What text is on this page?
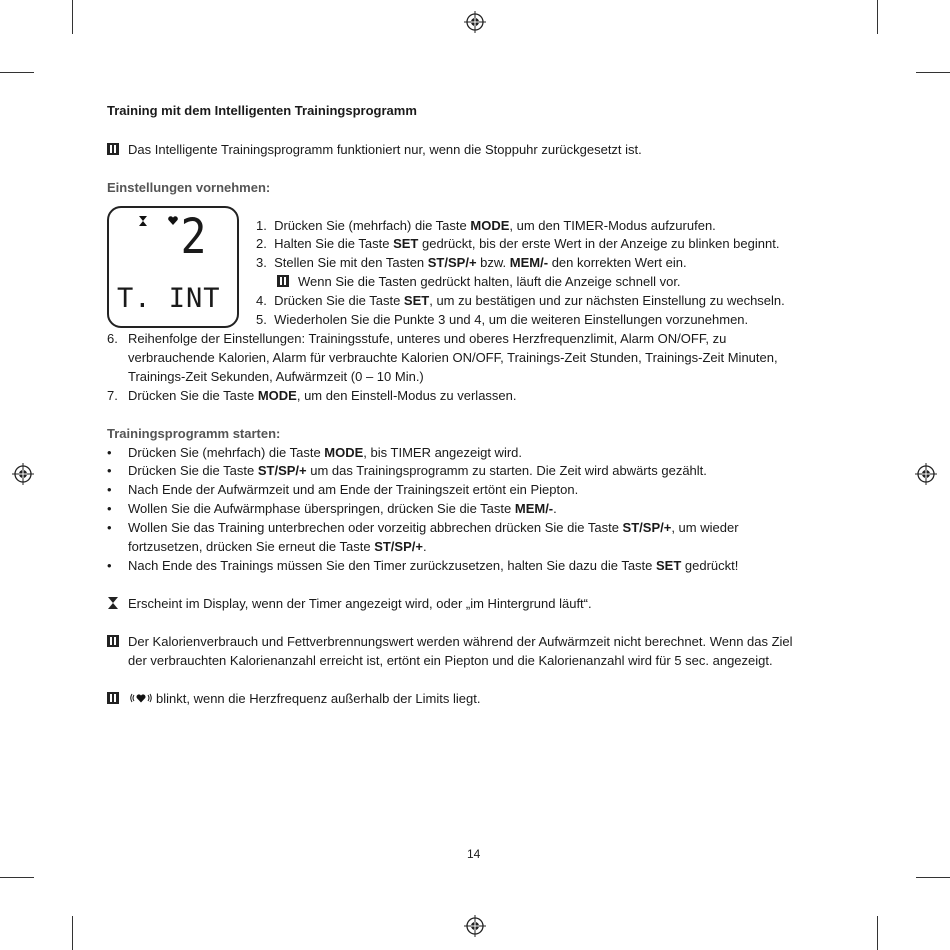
Training mit dem Intelligenten Trainingsprogramm
Das Intelligente Trainingsprogramm funktioniert nur, wenn die Stoppuhr zurückgesetzt ist.
Einstellungen vornehmen:
2
T. INT
1. Drücken Sie (mehrfach) die Taste MODE, um den TIMER-Modus aufzurufen.
2. Halten Sie die Taste SET gedrückt, bis der erste Wert in der Anzeige zu blinken beginnt.
3. Stellen Sie mit den Tasten ST/SP/+ bzw. MEM/- den korrekten Wert ein.
Wenn Sie die Tasten gedrückt halten, läuft die Anzeige schnell vor.
4. Drücken Sie die Taste SET, um zu bestätigen und zur nächsten Einstellung zu wechseln.
5. Wiederholen Sie die Punkte 3 und 4, um die weiteren Einstellungen vorzunehmen.
6. Reihenfolge der Einstellungen: Trainingsstufe, unteres und oberes Herzfrequenzlimit, Alarm ON/OFF, zu
verbrauchende Kalorien, Alarm für verbrauchte Kalorien ON/OFF, Trainings-Zeit Stunden, Trainings-Zeit Minuten,
Trainings-Zeit Sekunden, Aufwärmzeit (0 – 10 Min.)
7. Drücken Sie die Taste MODE, um den Einstell-Modus zu verlassen.
Trainingsprogramm starten:
• Drücken Sie (mehrfach) die Taste MODE, bis TIMER angezeigt wird.
• Drücken Sie die Taste ST/SP/+ um das Trainingsprogramm zu starten. Die Zeit wird abwärts gezählt.
• Nach Ende der Aufwärmzeit und am Ende der Trainingszeit ertönt ein Piepton.
• Wollen Sie die Aufwärmphase überspringen, drücken Sie die Taste MEM/-.
• Wollen Sie das Training unterbrechen oder vorzeitig abbrechen drücken Sie die Taste ST/SP/+, um wieder
fortzusetzen, drücken Sie erneut die Taste ST/SP/+.
• Nach Ende des Trainings müssen Sie den Timer zurückzusetzen, halten Sie dazu die Taste SET gedrückt!
Erscheint im Display, wenn der Timer angezeigt wird, oder „im Hintergrund läuft“.
Der Kalorienverbrauch und Fettverbrennungswert werden während der Aufwärmzeit nicht berechnet. Wenn das Ziel
der verbrauchten Kalorienanzahl erreicht ist, ertönt ein Piepton und die Kalorienanzahl wird für 5 sec. angezeigt.
blinkt, wenn die Herzfrequenz außerhalb der Limits liegt.
14
